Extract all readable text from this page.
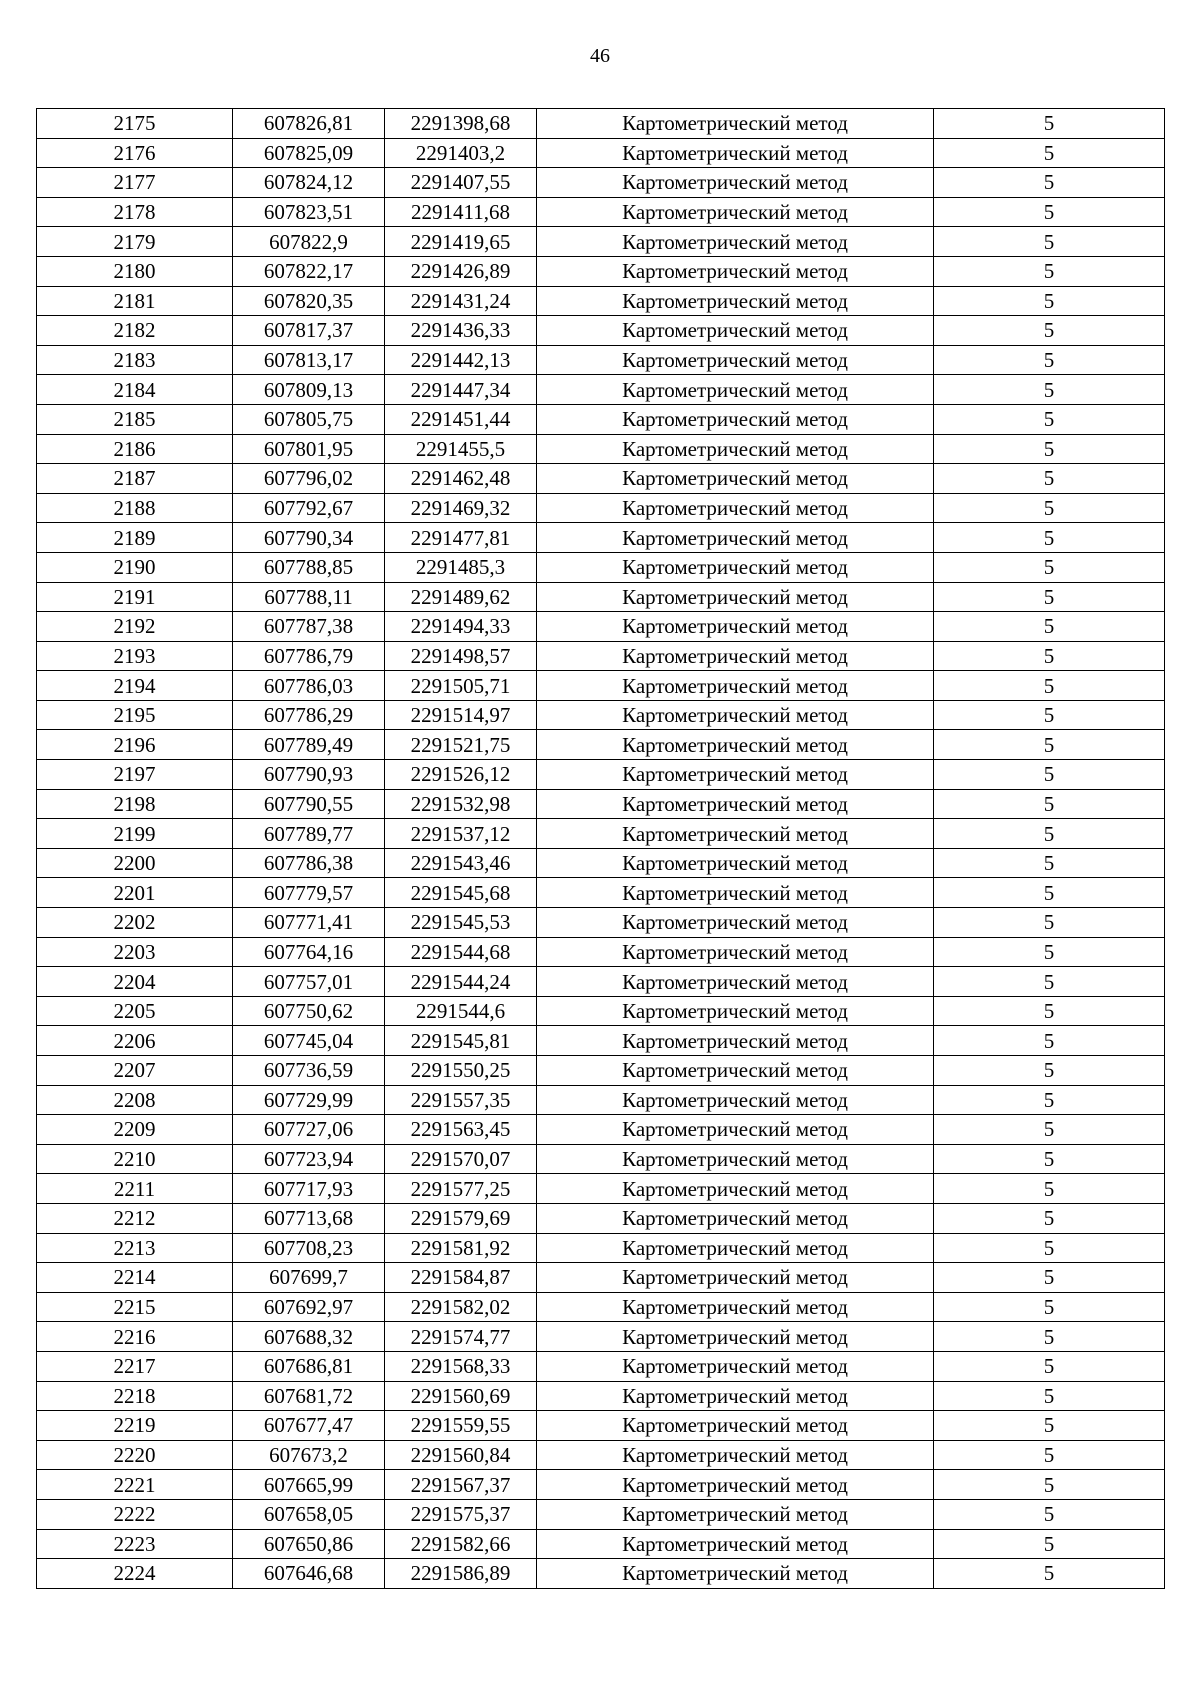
46
2175	607826,81	2291398,68	Картометрический метод	5
2176	607825,09	2291403,2	Картометрический метод	5
2177	607824,12	2291407,55	Картометрический метод	5
2178	607823,51	2291411,68	Картометрический метод	5
2179	607822,9	2291419,65	Картометрический метод	5
2180	607822,17	2291426,89	Картометрический метод	5
2181	607820,35	2291431,24	Картометрический метод	5
2182	607817,37	2291436,33	Картометрический метод	5
2183	607813,17	2291442,13	Картометрический метод	5
2184	607809,13	2291447,34	Картометрический метод	5
2185	607805,75	2291451,44	Картометрический метод	5
2186	607801,95	2291455,5	Картометрический метод	5
2187	607796,02	2291462,48	Картометрический метод	5
2188	607792,67	2291469,32	Картометрический метод	5
2189	607790,34	2291477,81	Картометрический метод	5
2190	607788,85	2291485,3	Картометрический метод	5
2191	607788,11	2291489,62	Картометрический метод	5
2192	607787,38	2291494,33	Картометрический метод	5
2193	607786,79	2291498,57	Картометрический метод	5
2194	607786,03	2291505,71	Картометрический метод	5
2195	607786,29	2291514,97	Картометрический метод	5
2196	607789,49	2291521,75	Картометрический метод	5
2197	607790,93	2291526,12	Картометрический метод	5
2198	607790,55	2291532,98	Картометрический метод	5
2199	607789,77	2291537,12	Картометрический метод	5
2200	607786,38	2291543,46	Картометрический метод	5
2201	607779,57	2291545,68	Картометрический метод	5
2202	607771,41	2291545,53	Картометрический метод	5
2203	607764,16	2291544,68	Картометрический метод	5
2204	607757,01	2291544,24	Картометрический метод	5
2205	607750,62	2291544,6	Картометрический метод	5
2206	607745,04	2291545,81	Картометрический метод	5
2207	607736,59	2291550,25	Картометрический метод	5
2208	607729,99	2291557,35	Картометрический метод	5
2209	607727,06	2291563,45	Картометрический метод	5
2210	607723,94	2291570,07	Картометрический метод	5
2211	607717,93	2291577,25	Картометрический метод	5
2212	607713,68	2291579,69	Картометрический метод	5
2213	607708,23	2291581,92	Картометрический метод	5
2214	607699,7	2291584,87	Картометрический метод	5
2215	607692,97	2291582,02	Картометрический метод	5
2216	607688,32	2291574,77	Картометрический метод	5
2217	607686,81	2291568,33	Картометрический метод	5
2218	607681,72	2291560,69	Картометрический метод	5
2219	607677,47	2291559,55	Картометрический метод	5
2220	607673,2	2291560,84	Картометрический метод	5
2221	607665,99	2291567,37	Картометрический метод	5
2222	607658,05	2291575,37	Картометрический метод	5
2223	607650,86	2291582,66	Картометрический метод	5
2224	607646,68	2291586,89	Картометрический метод	5
